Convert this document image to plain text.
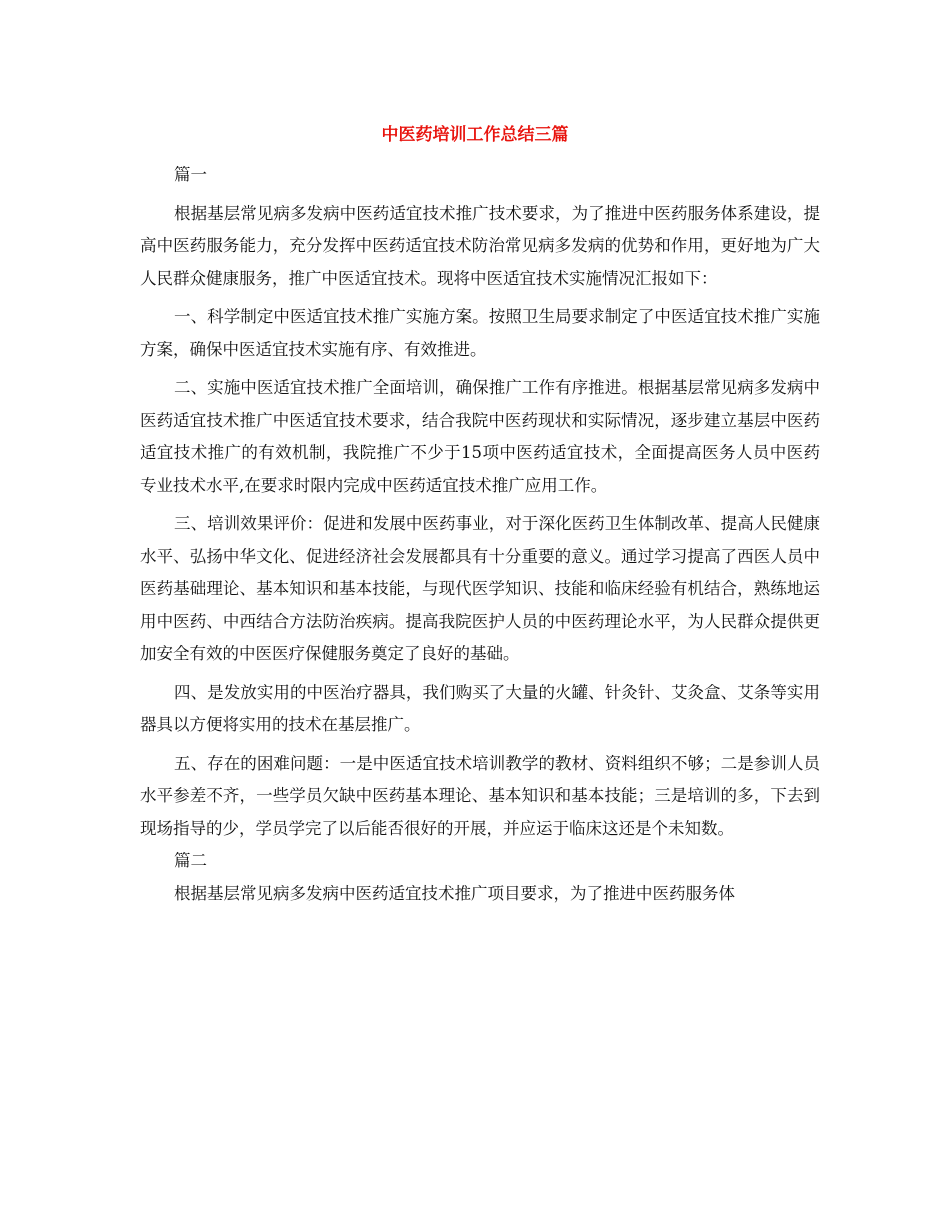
中医药培训工作总结三篇

篇一

根据基层常见病多发病中医药适宜技术推广技术要求，为了推进中医药服务体系建设，提高中医药服务能力，充分发挥中医药适宜技术防治常见病多发病的优势和作用，更好地为广大人民群众健康服务，推广中医适宜技术。现将中医适宜技术实施情况汇报如下：

一、科学制定中医适宜技术推广实施方案。按照卫生局要求制定了中医适宜技术推广实施方案，确保中医适宜技术实施有序、有效推进。

二、实施中医适宜技术推广全面培训，确保推广工作有序推进。根据基层常见病多发病中医药适宜技术推广中医适宜技术要求，结合我院中医药现状和实际情况，逐步建立基层中医药适宜技术推广的有效机制，我院推广不少于15项中医药适宜技术，全面提高医务人员中医药专业技术水平,在要求时限内完成中医药适宜技术推广应用工作。

三、培训效果评价：促进和发展中医药事业，对于深化医药卫生体制改革、提高人民健康水平、弘扬中华文化、促进经济社会发展都具有十分重要的意义。通过学习提高了西医人员中医药基础理论、基本知识和基本技能，与现代医学知识、技能和临床经验有机结合，熟练地运用中医药、中西结合方法防治疾病。提高我院医护人员的中医药理论水平，为人民群众提供更加安全有效的中医医疗保健服务奠定了良好的基础。

四、是发放实用的中医治疗器具，我们购买了大量的火罐、针灸针、艾灸盒、艾条等实用器具以方便将实用的技术在基层推广。

五、存在的困难问题：一是中医适宜技术培训教学的教材、资料组织不够；二是参训人员水平参差不齐，一些学员欠缺中医药基本理论、基本知识和基本技能；三是培训的多，下去到现场指导的少，学员学完了以后能否很好的开展，并应运于临床这还是个未知数。

篇二

根据基层常见病多发病中医药适宜技术推广项目要求，为了推进中医药服务体
